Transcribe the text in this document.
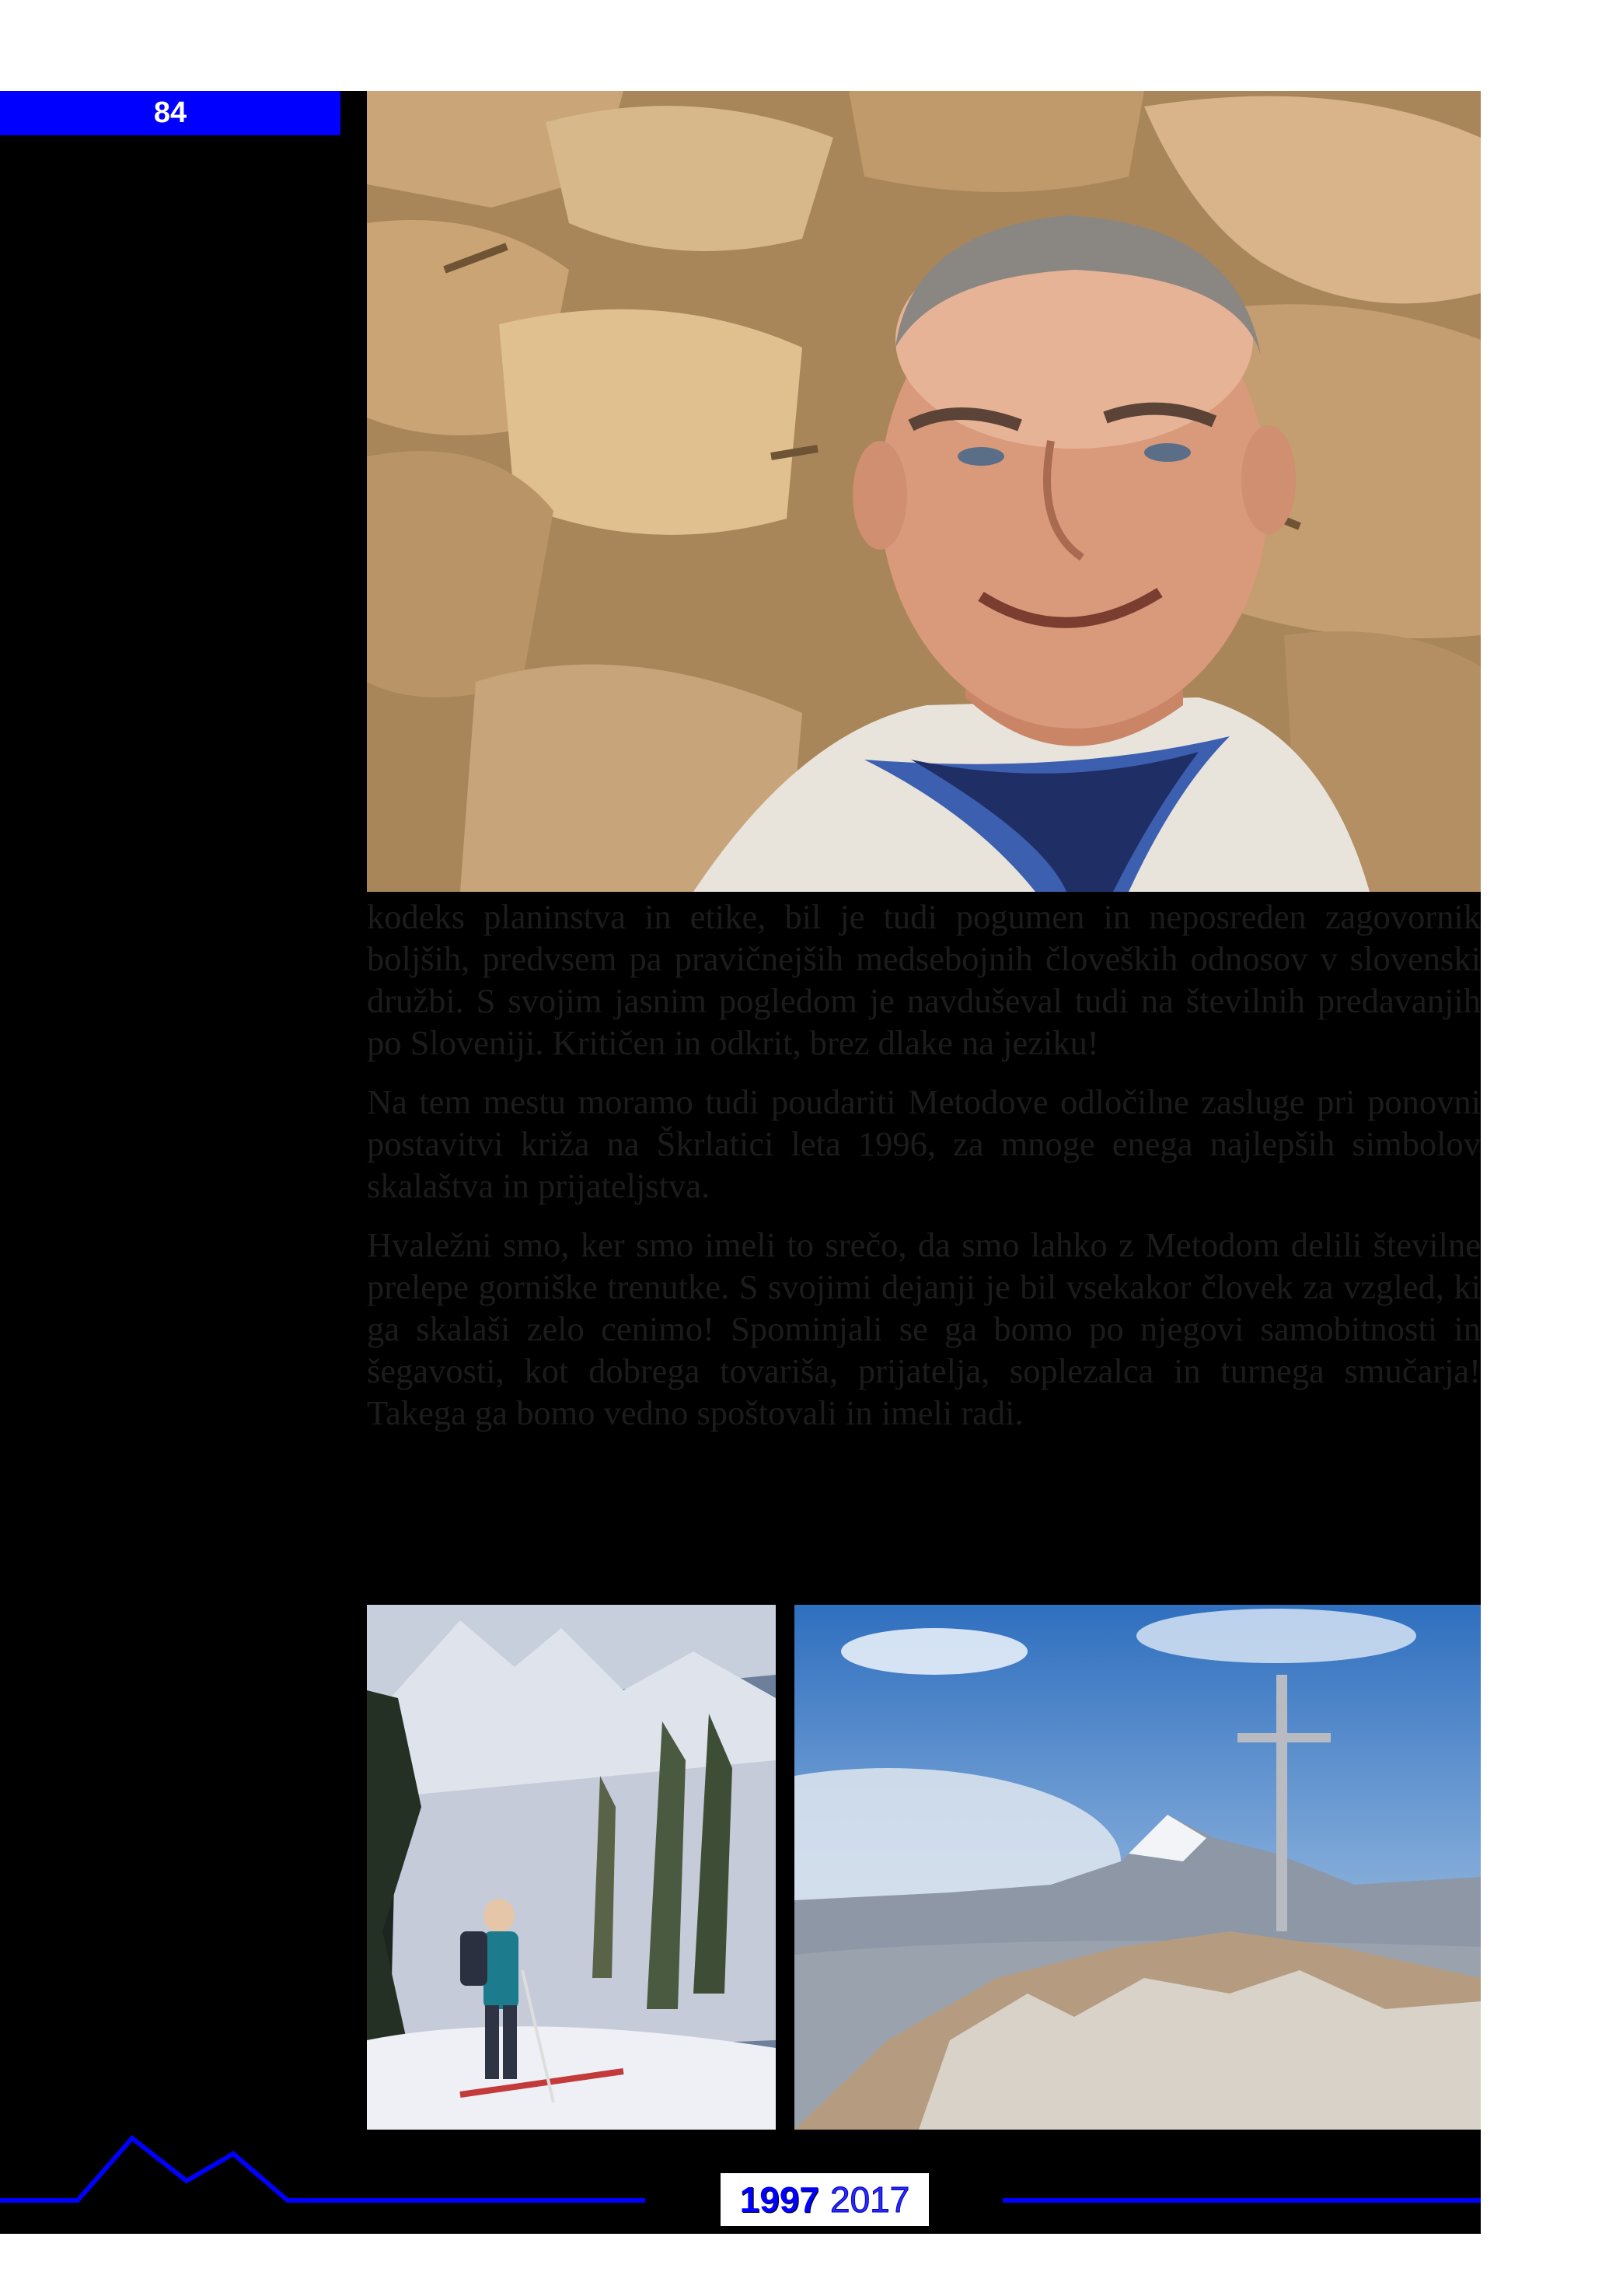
84

kodeks planinstva in etike, bil je tudi pogumen in neposreden zagovornik boljših, predvsem pa pravičnejših medsebojnih človeških odnosov v slovenski družbi. S svojim jasnim pogledom je navduševal tudi na številnih predavanjih po Sloveniji. Kritičen in odkrit, brez dlake na jeziku!

Na tem mestu moramo tudi poudariti Metodove odločilne zasluge pri ponovni postavitvi križa na Škrlatici leta 1996, za mnoge enega najlepših simbolov skalaštva in prijateljstva.

Hvaležni smo, ker smo imeli to srečo, da smo lahko z Metodom delili številne prelepe gorniške trenutke. S svojimi dejanji je bil vsekakor človek za vzgled, ki ga skalaši zelo cenimo! Spominjali se ga bomo po njegovi samobitnosti in šegavosti, kot dobrega tovariša, prijatelja, soplezalca in turnega smučarja! Takega ga bomo vedno spoštovali in imeli radi.

1997 2017
